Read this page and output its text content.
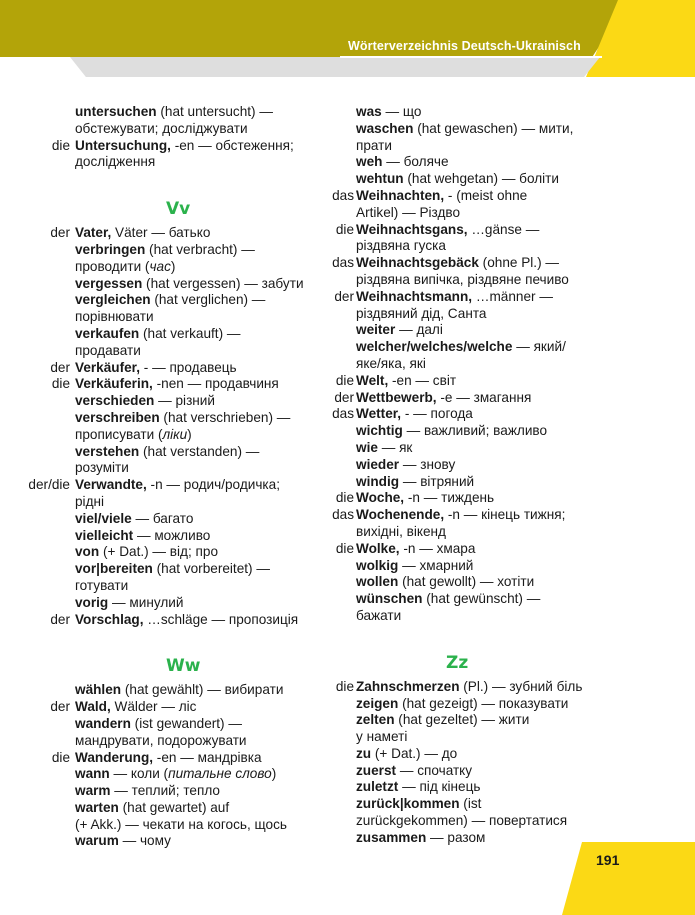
Wörterverzeichnis Deutsch-Ukrainisch
untersuchen (hat untersucht) —
обстежувати; досліджувати
die Untersuchung, -en — обстеження;
дослідження
Vv
der Vater, Väter — батько
verbringen (hat verbracht) —
проводити (час)
vergessen (hat vergessen) — забути
vergleichen (hat verglichen) —
порівнювати
verkaufen (hat verkauft) —
продавати
der Verkäufer, - — продавець
die Verkäuferin, -nen — продавчиня
verschieden — різний
verschreiben (hat verschrieben) —
прописувати (ліки)
verstehen (hat verstanden) —
розуміти
der/die Verwandte, -n — родич/родичка;
рідні
viel/viele — багато
vielleicht — можливо
von (+ Dat.) — від; про
vor|bereiten (hat vorbereitet) —
готувати
vorig — минулий
der Vorschlag, …schläge — пропозиція
Ww
wählen (hat gewählt) — вибирати
der Wald, Wälder — ліс
wandern (ist gewandert) —
мандрувати, подорожувати
die Wanderung, -en — мандрівка
wann — коли (питальне слово)
warm — теплий; тепло
warten (hat gewartet) auf
(+ Akk.) — чекати на когось, щось
warum — чому
was — що
waschen (hat gewaschen) — мити,
прати
weh — боляче
wehtun (hat wehgetan) — боліти
das Weihnachten, - (meist ohne
Artikel) — Різдво
die Weihnachtsgans, …gänse —
різдвяна гуска
das Weihnachtsgebäck (ohne Pl.) —
різдвяна випічка, різдвяне печиво
der Weihnachtsmann, …männer —
різдвяний дід, Санта
weiter — далі
welcher/welches/welche — який/
яке/яка, які
die Welt, -en — світ
der Wettbewerb, -e — змагання
das Wetter, - — погода
wichtig — важливий; важливо
wie — як
wieder — знову
windig — вітряний
die Woche, -n — тиждень
das Wochenende, -n — кінець тижня;
вихідні, вікенд
die Wolke, -n — хмара
wolkig — хмарний
wollen (hat gewollt) — хотіти
wünschen (hat gewünscht) —
бажати
Zz
die Zahnschmerzen (Pl.) — зубний біль
zeigen (hat gezeigt) — показувати
zelten (hat gezeltet) — жити
у наметі
zu (+ Dat.) — до
zuerst — спочатку
zuletzt — під кінець
zurück|kommen (ist
zurückgekommen) — повертатися
zusammen — разом
191
